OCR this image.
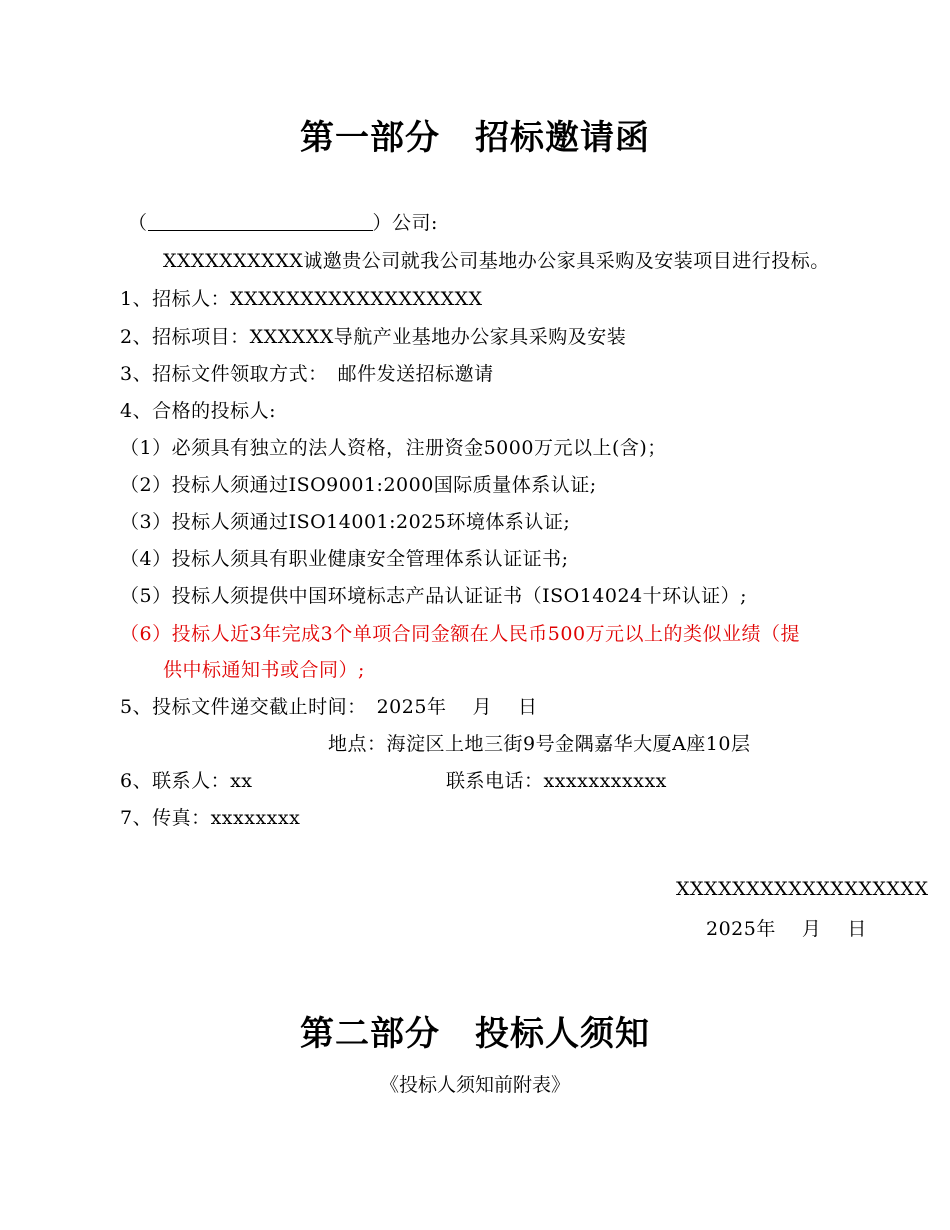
第一部分　招标邀请函
（	）公司:
XXXXXXXXXX诚邀贵公司就我公司基地办公家具采购及安装项目进行投标。
1、招标人：XXXXXXXXXXXXXXXXXX
2、招标项目：XXXXXX导航产业基地办公家具采购及安装
3、招标文件领取方式：　邮件发送招标邀请
4、合格的投标人:
（1）必须具有独立的法人资格，注册资金5000万元以上(含)；
（2）投标人须通过ISO9001:2000国际质量体系认证;
（3）投标人须通过ISO14001:2025环境体系认证;
（4）投标人须具有职业健康安全管理体系认证证书;
（5）投标人须提供中国环境标志产品认证证书（ISO14024十环认证）;
（6）投标人近3年完成3个单项合同金额在人民币500万元以上的类似业绩（提
供中标通知书或合同）;
5、投标文件递交截止时间：　2025年　 月　 日
地点：海淀区上地三街9号金隅嘉华大厦A座10层
6、联系人：xx	联系电话：xxxxxxxxxxx
7、传真：xxxxxxxx
XXXXXXXXXXXXXXXXXX
2025年　 月　 日
第二部分　投标人须知
《投标人须知前附表》
